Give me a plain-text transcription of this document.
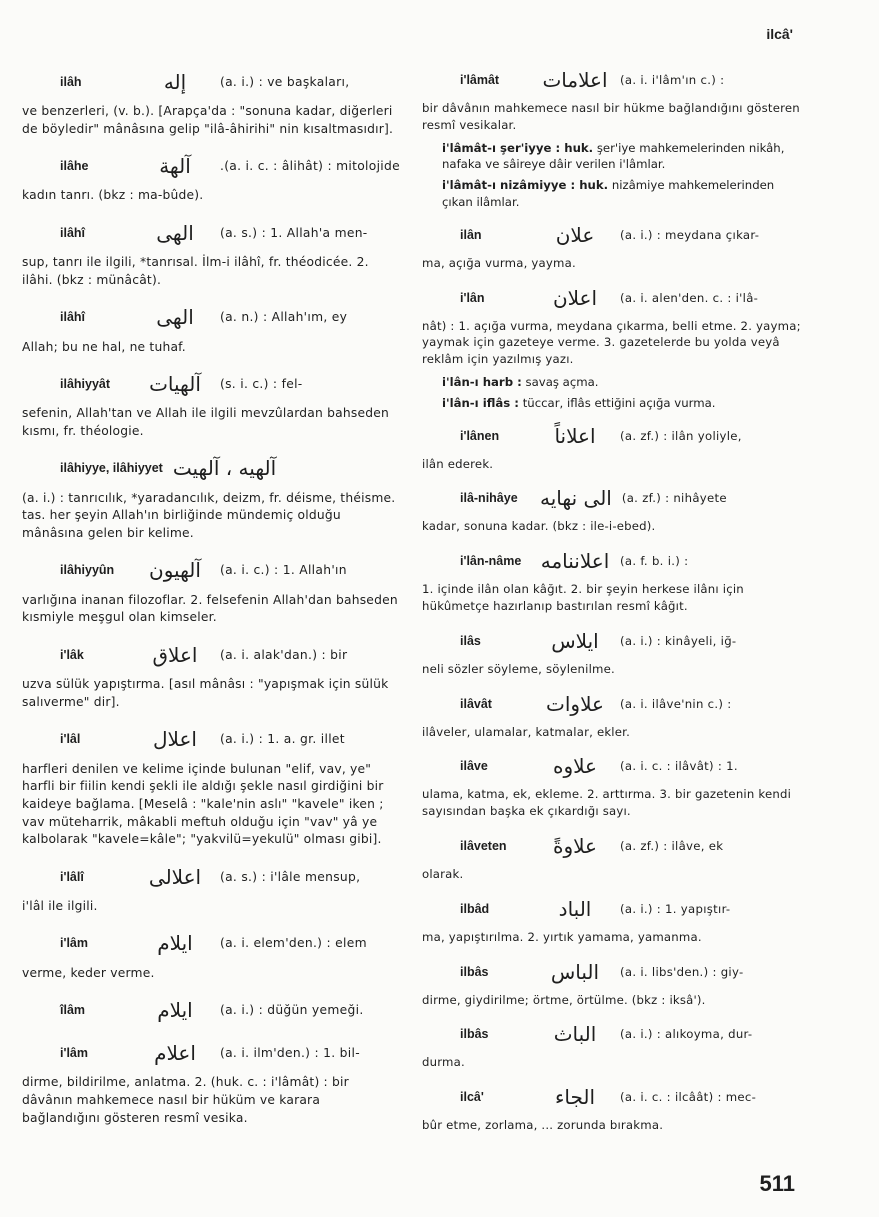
ilcâ'
ilâh	إله	(a. i.) : ve başkaları,

ve benzerleri, (v. b.). [Arapça'da : "sonuna kadar, diğerleri de böyledir" mânâsına gelip "ilâ-âhirihi" nin kısaltmasıdır].

ilâhe	آلهة	.(a. i. c. : âlihât) : mitolojide

kadın tanrı. (bkz : ma-bûde).

ilâhî	الهى	(a. s.) : 1. Allah'a men-

sup, tanrı ile ilgili, *tanrısal. İlm-i ilâhî, fr. théodicée. 2. ilâhi. (bkz : münâcât).

ilâhî	الهى	(a. n.) : Allah'ım, ey

Allah; bu ne hal, ne tuhaf.

ilâhiyyât	آلهيات	(s. i. c.) : fel-

sefenin, Allah'tan ve Allah ile ilgili mevzûlardan bahseden kısmı, fr. théologie.

ilâhiyye, ilâhiyyet آلهيه ، آلهيت

(a. i.) : tanrıcılık, *yaradancılık, deizm, fr. déisme, théisme. tas. her şeyin Allah'ın birliğinde mündemiç olduğu mânâsına gelen bir kelime.

ilâhiyyûn	آلهيون	(a. i. c.) : 1. Allah'ın

varlığına inanan filozoflar. 2. felsefenin Allah'dan bahseden kısmiyle meşgul olan kimseler.

i'lâk	اعلاق	(a. i. alak'dan.) : bir

uzva sülük yapıştırma. [asıl mânâsı : "yapışmak için sülük salıverme" dir].

i'lâl	اعلال	(a. i.) : 1. a. gr. illet

harfleri denilen ve kelime içinde bulunan "elif, vav, ye" harfli bir fiilin kendi şekli ile aldığı şekle nasıl girdiğini bir kaideye bağlama. [Meselâ : "kale'nin aslı" "kavele" iken ; vav müteharrik, mâkabli meftuh olduğu için "vav" yâ ye kalbolarak "kavele=kâle"; "yakvilü=yekulü" olması gibi].

i'lâlî	اعلالى	(a. s.) : i'lâle mensup,

i'lâl ile ilgili.

i'lâm	ايلام	(a. i. elem'den.) : elem

verme, keder verme.

îlâm	ايلام	(a. i.) : düğün yemeği.
i'lâm	اعلام	(a. i. ilm'den.) : 1. bil-

dirme, bildirilme, anlatma. 2. (huk. c. : i'lâmât) : bir dâvânın mahkemece nasıl bir hüküm ve karara bağlandığını gösteren resmî vesika.

i'lâmât	اعلامات (a. i. i'lâm'ın c.) :

bir dâvânın mahkemece nasıl bir hükme bağlandığını gösteren resmî vesikalar.

i'lâmât-ı şer'iyye : huk. şer'iye mahkemelerinden nikâh, nafaka ve sâireye dâir verilen i'lâmlar.

i'lâmât-ı nizâmiyye : huk. nizâmiye mahkemelerinden çıkan ilâmlar.

ilân	علان	(a. i.) : meydana çıkar-

ma, açığa vurma, yayma.

i'lân	اعلان	(a. i. alen'den. c. : i'lâ-

nât) : 1. açığa vurma, meydana çıkarma, belli etme. 2. yayma; yaymak için gazeteye verme. 3. gazetelerde bu yolda veyâ reklâm için yazılmış yazı.

i'lân-ı harb : savaş açma.

i'lân-ı iflâs : tüccar, iflâs ettiğini açığa vurma.

i'lânen	اعلاناً	(a. zf.) : ilân yoliyle,

ilân ederek.

ilâ-nihâye	الى نهايه (a. zf.) : nihâyete

kadar, sonuna kadar. (bkz : ile-i-ebed).

i'lân-nâme اعلاننامه (a. f. b. i.) :

1. içinde ilân olan kâğıt. 2. bir şeyin herkese ilânı için hükûmetçe hazırlanıp bastırılan resmî kâğıt.

ilâs	ايلاس	(a. i.) : kinâyeli, iğ-

neli sözler söyleme, söylenilme.

ilâvât	علاوات	(a. i. ilâve'nin c.) :

ilâveler, ulamalar, katmalar, ekler.

ilâve	علاوه	(a. i. c. : ilâvât) : 1.

ulama, katma, ek, ekleme. 2. arttırma. 3. bir gazetenin kendi sayısından başka ek çıkardığı sayı.

ilâveten	علاوةً	(a. zf.) : ilâve, ek

olarak.

ilbâd	الباد	(a. i.) : 1. yapıştır-

ma, yapıştırılma. 2. yırtık yamama, yamanma.

ilbâs	الباس	(a. i. libs'den.) : giy-

dirme, giydirilme; örtme, örtülme. (bkz : iksâ').

ilbâs	الباث	(a. i.) : alıkoyma, dur-

durma.

ilcâ'	الجاء	(a. i. c. : ilcâât) : mec-

bûr etme, zorlama, ... zorunda bırakma.

511
